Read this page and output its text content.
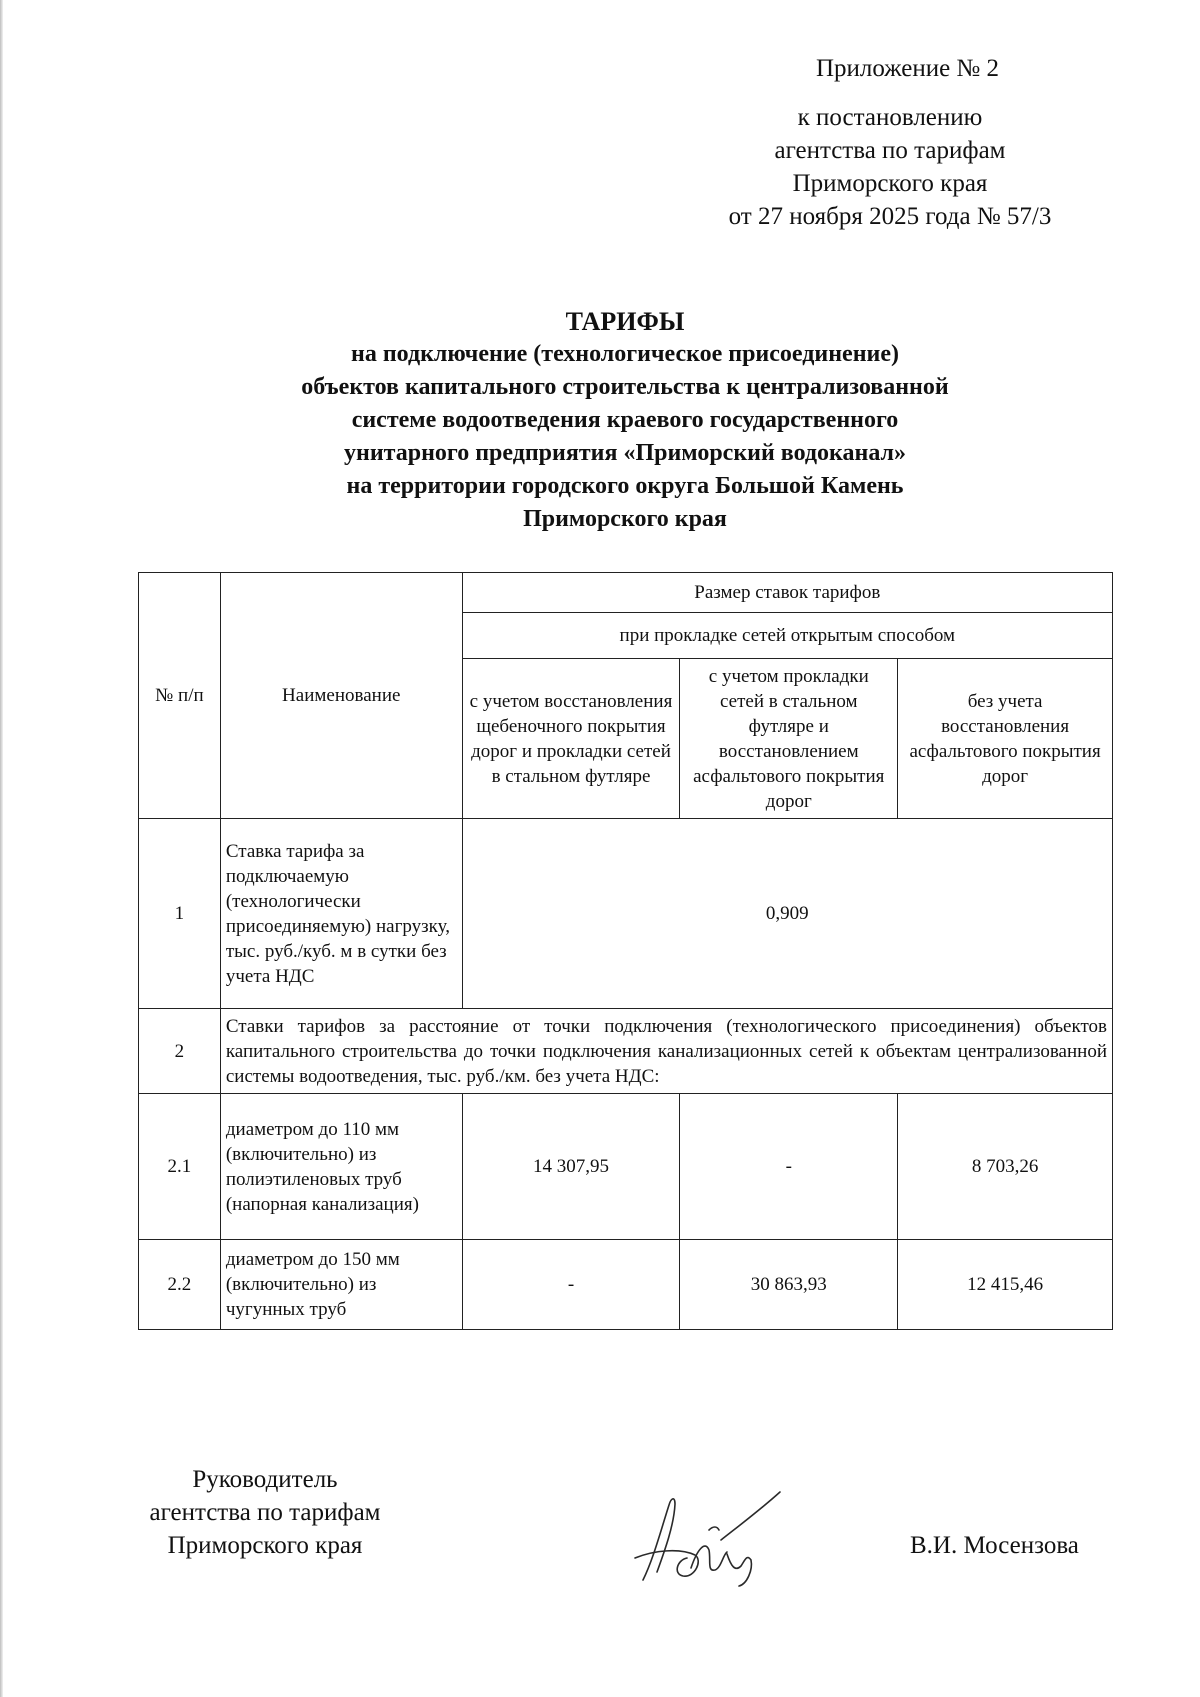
Приложение № 2
к постановлению
агентства по тарифам
Приморского края
от 27 ноября 2025 года № 57/3
ТАРИФЫ
на подключение (технологическое присоединение)
объектов капитального строительства к централизованной
системе водоотведения краевого государственного
унитарного предприятия «Приморский водоканал»
на территории городского округа Большой Камень
Приморского края
№ п/п	Наименование	Размер ставок тарифов		
		при прокладке сетей открытым способом		
		с учетом восстановления щебеночного покрытия дорог и прокладки сетей в стальном футляре	с учетом прокладки сетей в стальном футляре и восстановлением асфальтового покрытия дорог	без учета восстановления асфальтового покрытия дорог
1	Ставка тарифа за подключаемую (технологически присоединяемую) нагрузку, тыс. руб./куб. м в сутки без учета НДС	0,909		
2	Ставки тарифов за расстояние от точки подключения (технологического присоединения) объектов капитального строительства до точки подключения канализационных сетей к объектам централизованной системы водоотведения, тыс. руб./км. без учета НДС:			
2.1	диаметром до 110 мм (включительно) из полиэтиленовых труб (напорная канализация)	14 307,95	-	8 703,26
2.2	диаметром до 150 мм (включительно) из чугунных труб	-	30 863,93	12 415,46
Руководитель
агентства по тарифам
Приморского края	В.И. Мосензова
